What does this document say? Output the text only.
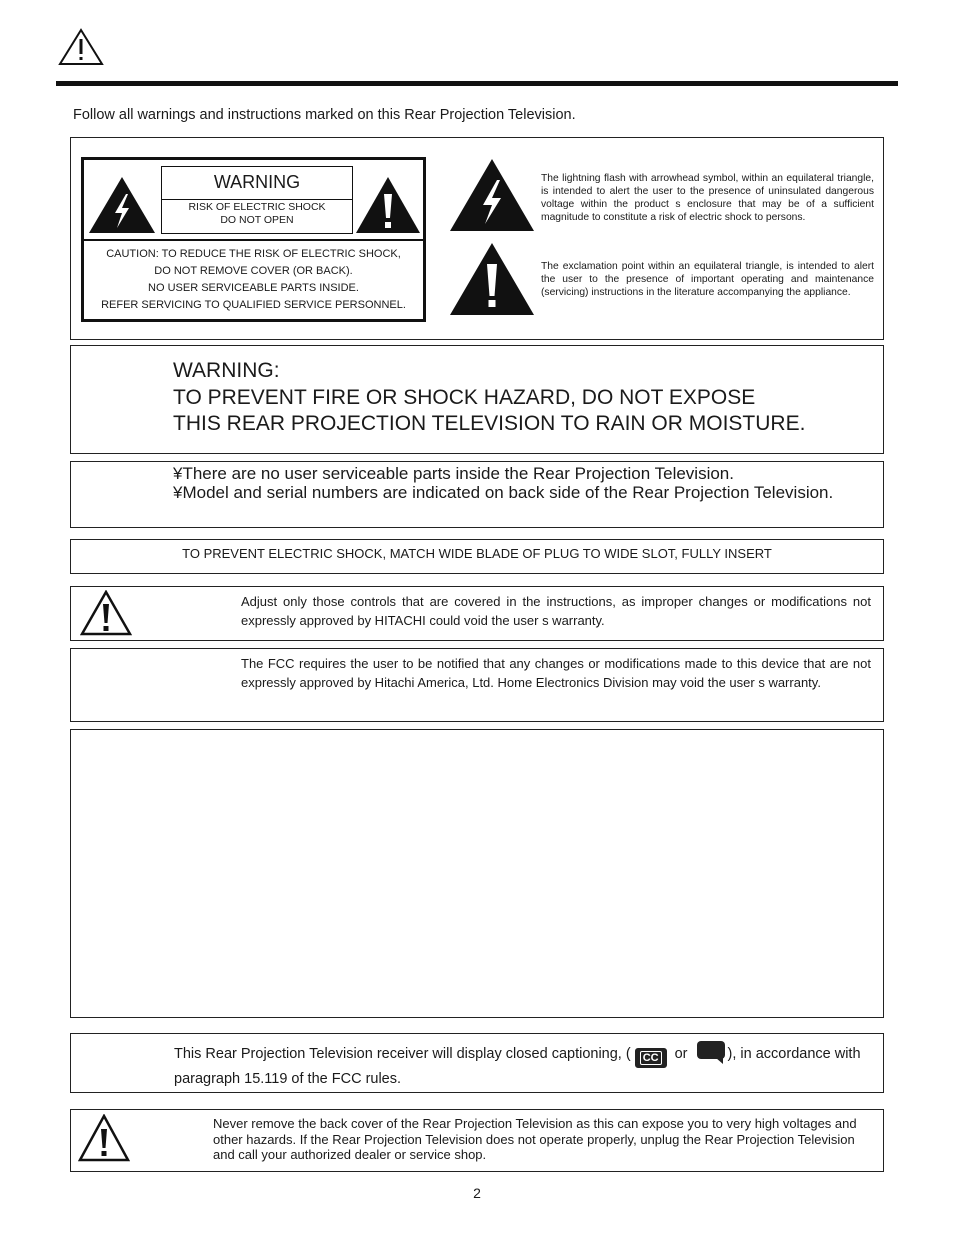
Follow all warnings and instructions marked on this Rear Projection Television.
WARNING
RISK OF ELECTRIC SHOCK
DO NOT OPEN
CAUTION: TO REDUCE THE RISK OF ELECTRIC SHOCK,
DO NOT REMOVE COVER (OR BACK).
NO USER SERVICEABLE PARTS INSIDE.
REFER SERVICING TO QUALIFIED SERVICE PERSONNEL.
The lightning flash with arrowhead symbol, within an equilateral triangle, is intended to alert the user to the presence of uninsulated dangerous voltage within the product s enclosure that may be of a sufficient magnitude to constitute a risk of electric shock to persons.
The exclamation point within an equilateral triangle, is intended to alert the user to the presence of important operating and maintenance (servicing) instructions in the literature accompanying the appliance.
WARNING:
TO PREVENT FIRE OR SHOCK HAZARD, DO NOT EXPOSE
THIS REAR PROJECTION TELEVISION TO RAIN OR MOISTURE.
¥There are no user serviceable parts inside the Rear Projection Television.
¥Model and serial numbers are indicated on back side of the Rear Projection Television.
TO PREVENT ELECTRIC SHOCK, MATCH WIDE BLADE OF PLUG TO WIDE SLOT, FULLY INSERT
Adjust only those controls that are covered in the instructions, as improper changes or modifications not expressly approved by HITACHI could void the user s warranty.
The FCC requires the user to be notified that any changes or modifications made to this device that are not expressly approved by Hitachi America, Ltd. Home Electronics Division may void the user s warranty.
This Rear Projection Television receiver will display closed captioning, ( CC or ), in accordance with paragraph 15.119 of the FCC rules.
Never remove the back cover of the Rear Projection Television as this can expose you to very high voltages and other hazards. If the Rear Projection Television does not operate properly, unplug the Rear Projection Television and call your authorized dealer or service shop.
2
